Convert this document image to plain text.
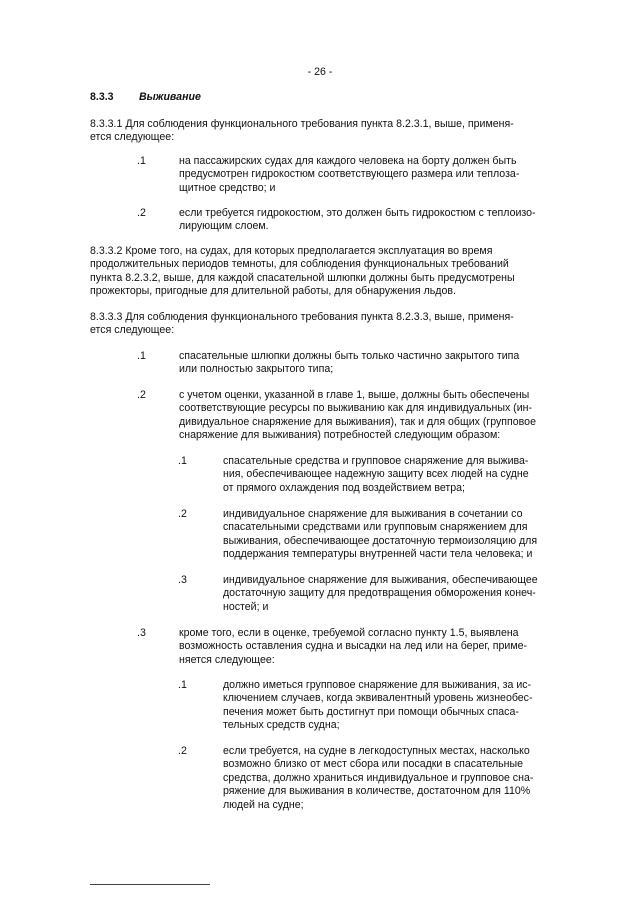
- 26 -
8.3.3 Выживание
8.3.3.1 Для соблюдения функционального требования пункта 8.2.3.1, выше, применя-
ется следующее:
.1	на пассажирских судах для каждого человека на борту должен быть
предусмотрен гидрокостюм соответствующего размера или теплоза-
щитное средство; и
.2	если требуется гидрокостюм, это должен быть гидрокостюм с теплоизо-
лирующим слоем.
8.3.3.2 Кроме того, на судах, для которых предполагается эксплуатация во время
продолжительных периодов темноты, для соблюдения функциональных требований
пункта 8.2.3.2, выше, для каждой спасательной шлюпки должны быть предусмотрены
прожекторы, пригодные для длительной работы, для обнаружения льдов.
8.3.3.3 Для соблюдения функционального требования пункта 8.2.3.3, выше, применя-
ется следующее:
.1	спасательные шлюпки должны быть только частично закрытого типа
или полностью закрытого типа;
.2	с учетом оценки, указанной в главе 1, выше, должны быть обеспечены
соответствующие ресурсы по выживанию как для индивидуальных (ин-
дивидуальное снаряжение для выживания), так и для общих (групповое
снаряжение для выживания) потребностей следующим образом:
.1	спасательные средства и групповое снаряжение для выжива-
ния, обеспечивающее надежную защиту всех людей на судне
от прямого охлаждения под воздействием ветра;
.2	индивидуальное снаряжение для выживания в сочетании со
спасательными средствами или групповым снаряжением для
выживания, обеспечивающее достаточную термоизоляцию для
поддержания температуры внутренней части тела человека; и
.3	индивидуальное снаряжение для выживания, обеспечивающее
достаточную защиту для предотвращения обморожения конеч-
ностей; и
.3	кроме того, если в оценке, требуемой согласно пункту 1.5, выявлена
возможность оставления судна и высадки на лед или на берег, приме-
няется следующее:
.1	должно иметься групповое снаряжение для выживания, за ис-
ключением случаев, когда эквивалентный уровень жизнеобес-
печения может быть достигнут при помощи обычных спаса-
тельных средств судна;
.2	если требуется, на судне в легкодоступных местах, насколько
возможно близко от мест сбора или посадки в спасательные
средства, должно храниться индивидуальное и групповое сна-
ряжение для выживания в количестве, достаточном для 110%
людей на судне;
